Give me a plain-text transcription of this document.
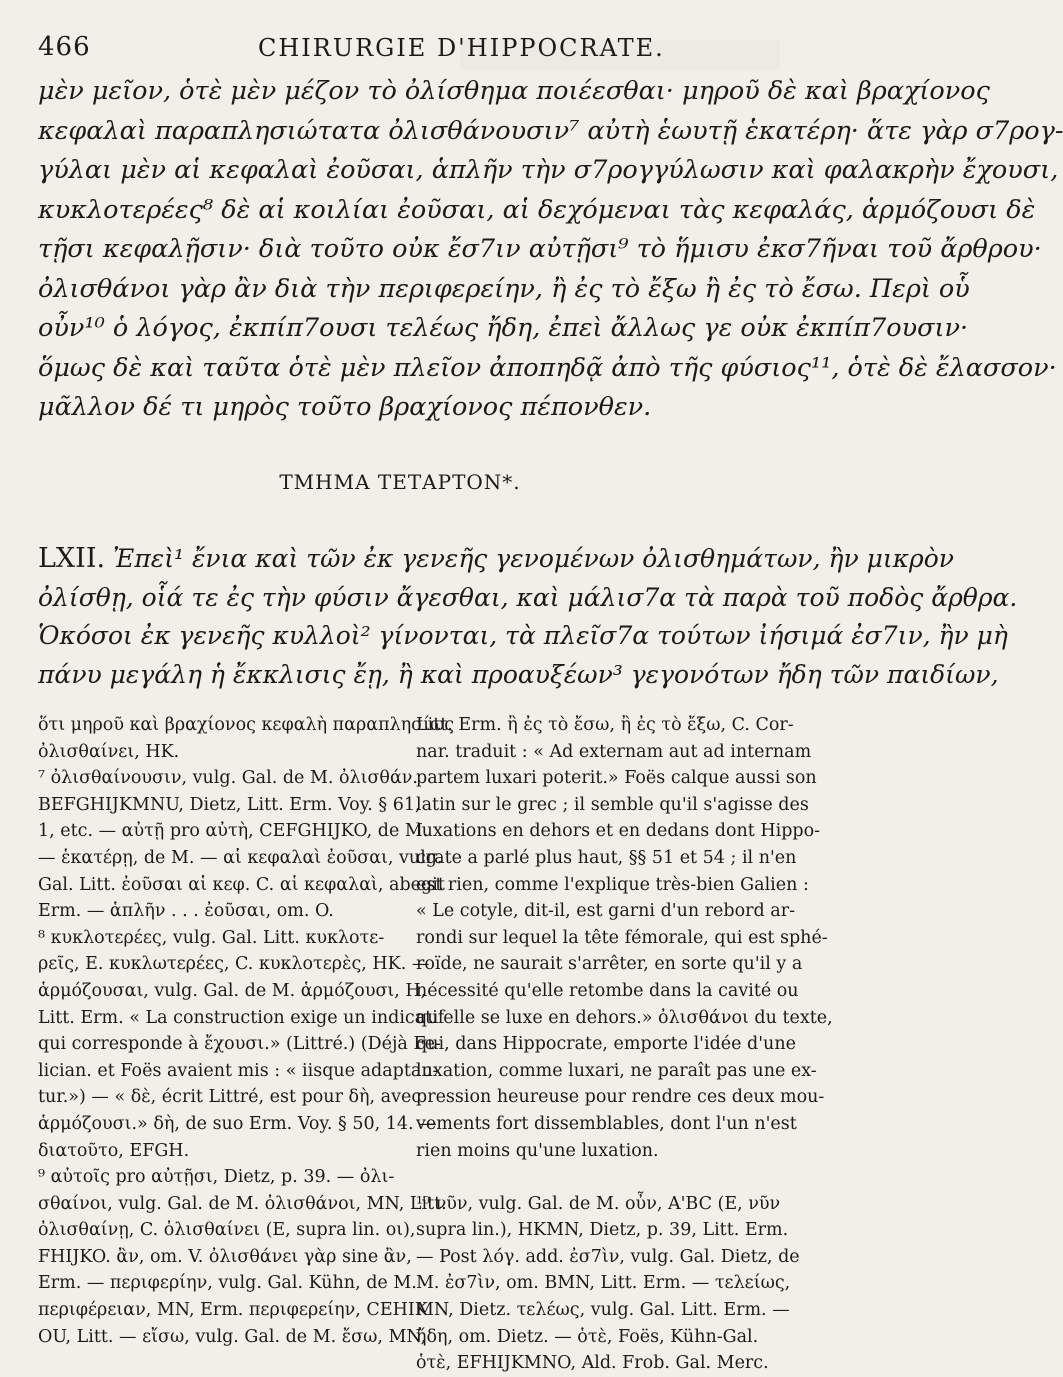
466	CHIRURGIE D'HIPPOCRATE.
μὲν μεῖον, ὁτὲ μὲν μέζον τὸ ὀλίσθημα ποιέεσθαι· μηροῦ δὲ καὶ βραχίονος
κεφαλαὶ παραπλησιώτατα ὀλισθάνουσιν⁷ αὐτὴ ἑωυτῇ ἑκατέρη· ἅτε γὰρ σ7ρογ-
γύλαι μὲν αἱ κεφαλαὶ ἐοῦσαι, ἁπλῆν τὴν σ7ρογγύλωσιν καὶ φαλακρὴν ἔχουσι,
κυκλοτερέες⁸ δὲ αἱ κοιλίαι ἐοῦσαι, αἱ δεχόμεναι τὰς κεφαλάς, ἁρμόζουσι δὲ
τῇσι κεφαλῇσιν· διὰ τοῦτο οὐκ ἔσ7ιν αὐτῇσι⁹ τὸ ἥμισυ ἐκσ7ῆναι τοῦ ἄρθρου·
ὀλισθάνοι γὰρ ἂν διὰ τὴν περιφερείην, ἢ ἐς τὸ ἔξω ἢ ἐς τὸ ἔσω. Περὶ οὗ
οὖν¹⁰ ὁ λόγος, ἐκπίπ7ουσι τελέως ἤδη, ἐπεὶ ἄλλως γε οὐκ ἐκπίπ7ουσιν·
ὅμως δὲ καὶ ταῦτα ὁτὲ μὲν πλεῖον ἀποπηδᾷ ἀπὸ τῆς φύσιος¹¹, ὁτὲ δὲ ἔλασσον·
μᾶλλον δέ τι μηρὸς τοῦτο βραχίονος πέπονθεν.
ΤΜΗΜΑ ΤΕΤΑΡΤΟΝ*.
LXII. Ἐπεὶ¹ ἔνια καὶ τῶν ἐκ γενεῆς γενομένων ὀλισθημάτων, ἢν μικρὸν
ὀλίσθῃ, οἷά τε ἐς τὴν φύσιν ἄγεσθαι, καὶ μάλισ7α τὰ παρὰ τοῦ ποδὸς ἄρθρα.
Ὁκόσοι ἐκ γενεῆς κυλλοὶ² γίνονται, τὰ πλεῖσ7α τούτων ἰήσιμά ἐσ7ιν, ἢν μὴ
πάνυ μεγάλη ἡ ἔκκλισις ἔῃ, ἢ καὶ προαυξέων³ γεγονότων ἤδη τῶν παιδίων,
ὅτι μηροῦ καὶ βραχίονος κεφαλὴ παραπλησίως
ὀλισθαίνει, HK.
⁷ ὀλισθαίνουσιν, vulg. Gal. de M. ὀλισθάν.
BEFGHIJKMNU, Dietz, Litt. Erm. Voy. § 61,
1, etc. — αὐτῇ pro αὐτὴ, CEFGHIJKO, de M.
— ἑκατέρῃ, de M. — αἱ κεφαλαὶ ἐοῦσαι, vulg.
Gal. Litt. ἐοῦσαι αἱ κεφ. C. αἱ κεφαλαὶ, abegit
Erm. — ἁπλῆν . . . ἐοῦσαι, om. O.
⁸ κυκλοτερέες, vulg. Gal. Litt. κυκλοτε-
ρεῖς, E. κυκλωτερέες, C. κυκλοτερὲς, HK. —
ἁρμόζουσαι, vulg. Gal. de M. ἁρμόζουσι, H,
Litt. Erm. « La construction exige un indicatif
qui corresponde à ἔχουσι.» (Littré.) (Déjà Fe-
lician. et Foës avaient mis : « iisque adaptan-
tur.») — « δὲ, écrit Littré, est pour δὴ, avec
ἁρμόζουσι.» δὴ, de suo Erm. Voy. § 50, 14. —
διατοῦτο, EFGH.
⁹ αὐτοῖς pro αὐτῇσι, Dietz, p. 39. — ὀλι-
σθαίνοι, vulg. Gal. de M. ὀλισθάνοι, MN, Litt.
ὀλισθαίνῃ, C. ὀλισθαίνει (E, supra lin. οι),
FHIJKO. ἂν, om. V. ὀλισθάνει γὰρ sine ἂν,
Erm. — περιφερίην, vulg. Gal. Kühn, de M.
περιφέρειαν, MN, Erm. περιφερείην, CEHIK
OU, Litt. — εἴσω, vulg. Gal. de M. ἔσω, MN,
Litt. Erm. ἢ ἐς τὸ ἔσω, ἢ ἐς τὸ ἔξω, C. Cor-
nar. traduit : « Ad externam aut ad internam
partem luxari poterit.» Foës calque aussi son
latin sur le grec ; il semble qu'il s'agisse des
luxations en dehors et en dedans dont Hippo-
crate a parlé plus haut, §§ 51 et 54 ; il n'en
est rien, comme l'explique très-bien Galien :
« Le cotyle, dit-il, est garni d'un rebord ar-
rondi sur lequel la tête fémorale, qui est sphé-
roïde, ne saurait s'arrêter, en sorte qu'il y a
nécessité qu'elle retombe dans la cavité ou
qu'elle se luxe en dehors.» ὀλισθάνοι du texte,
qui, dans Hippocrate, emporte l'idée d'une
luxation, comme luxari, ne paraît pas une ex-
pression heureuse pour rendre ces deux mou-
vements fort dissemblables, dont l'un n'est
rien moins qu'une luxation.
¹⁰ νῦν, vulg. Gal. de M. οὖν, A'BC (E, νῦν
supra lin.), HKMN, Dietz, p. 39, Litt. Erm.
— Post λόγ. add. ἐσ7ὶν, vulg. Gal. Dietz, de
M. ἐσ7ὶν, om. BMN, Litt. Erm. — τελείως,
MN, Dietz. τελέως, vulg. Gal. Litt. Erm. —
ἤδη, om. Dietz. — ὁτὲ, Foës, Kühn-Gal.
ὁτὲ, EFHIJKMNO, Ald. Frob. Gal. Merc.
